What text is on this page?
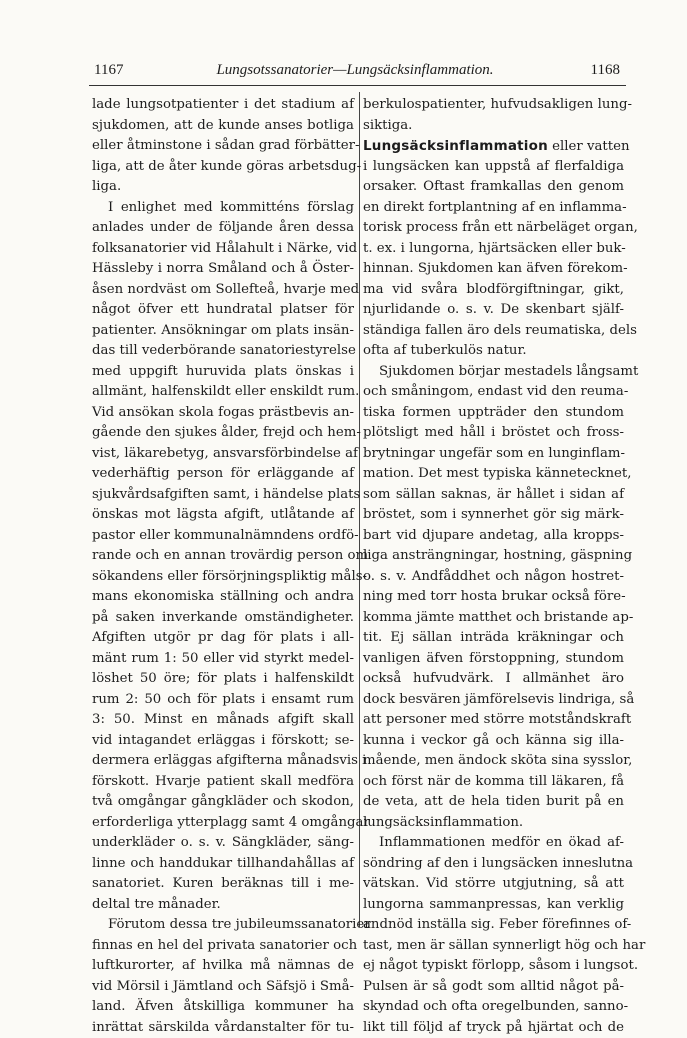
1167	Lungsotssanatorier—Lungsäcksinflammation.	1168
lade lungsotpatienter i det stadium af
sjukdomen, att de kunde anses botliga
eller åtminstone i sådan grad förbätter-
liga, att de åter kunde göras arbetsdug-
liga.
I enlighet med kommitténs förslag
anlades under de följande åren dessa
folksanatorier vid Hålahult i Närke, vid
Hässleby i norra Småland och å Öster-
åsen nordväst om Sollefteå, hvarje med
något öfver ett hundratal platser för
patienter. Ansökningar om plats insän-
das till vederbörande sanatoriestyrelse
med uppgift huruvida plats önskas i
allmänt, halfenskildt eller enskildt rum.
Vid ansökan skola fogas prästbevis an-
gående den sjukes ålder, frejd och hem-
vist, läkarebetyg, ansvarsförbindelse af
vederhäftig person för erläggande af
sjukvårdsafgiften samt, i händelse plats
önskas mot lägsta afgift, utlåtande af
pastor eller kommunalnämndens ordfö-
rande och en annan trovärdig person om
sökandens eller försörjningspliktig måls-
mans ekonomiska ställning och andra
på saken inverkande omständigheter.
Afgiften utgör pr dag för plats i all-
mänt rum 1: 50 eller vid styrkt medel-
löshet 50 öre; för plats i halfenskildt
rum 2: 50 och för plats i ensamt rum
3: 50. Minst en månads afgift skall
vid intagandet erläggas i förskott; se-
dermera erläggas afgifterna månadsvis i
förskott. Hvarje patient skall medföra
två omgångar gångkläder och skodon,
erforderliga ytterplagg samt 4 omgångar
underkläder o. s. v. Sängkläder, säng-
linne och handdukar tillhandahållas af
sanatoriet. Kuren beräknas till i me-
deltal tre månader.
Förutom dessa tre jubileumssanatorier
finnas en hel del privata sanatorier och
luftkurorter, af hvilka må nämnas de
vid Mörsil i Jämtland och Säfsjö i Små-
land. Äfven åtskilliga kommuner ha
inrättat särskilda vårdanstalter för tu-
berkulospatienter, hufvudsakligen lung-
siktiga.
Lungsäcksinflammation eller vatten
i lungsäcken kan uppstå af flerfaldiga
orsaker. Oftast framkallas den genom
en direkt fortplantning af en inflamma-
torisk process från ett närbeläget organ,
t. ex. i lungorna, hjärtsäcken eller buk-
hinnan. Sjukdomen kan äfven förekom-
ma vid svåra blodförgiftningar, gikt,
njurlidande o. s. v. De skenbart själf-
ständiga fallen äro dels reumatiska, dels
ofta af tuberkulös natur.
Sjukdomen börjar mestadels långsamt
och småningom, endast vid den reuma-
tiska formen uppträder den stundom
plötsligt med håll i bröstet och fross-
brytningar ungefär som en lunginflam-
mation. Det mest typiska kännetecknet,
som sällan saknas, är hållet i sidan af
bröstet, som i synnerhet gör sig märk-
bart vid djupare andetag, alla kropps-
liga ansträngningar, hostning, gäspning
o. s. v. Andfåddhet och någon hostret-
ning med torr hosta brukar också före-
komma jämte matthet och bristande ap-
tit. Ej sällan inträda kräkningar och
vanligen äfven förstoppning, stundom
också hufvudvärk. I allmänhet äro
dock besvären jämförelsevis lindriga, så
att personer med större motståndskraft
kunna i veckor gå och känna sig illa-
mående, men ändock sköta sina sysslor,
och först när de komma till läkaren, få
de veta, att de hela tiden burit på en
lungsäcksinflammation.
Inflammationen medför en ökad af-
söndring af den i lungsäcken inneslutna
vätskan. Vid större utgjutning, så att
lungorna sammanpressas, kan verklig
andnöd inställa sig. Feber förefinnes of-
tast, men är sällan synnerligt hög och har
ej något typiskt förlopp, såsom i lungsot.
Pulsen är så godt som alltid något på-
skyndad och ofta oregelbunden, sanno-
likt till följd af tryck på hjärtat och de
